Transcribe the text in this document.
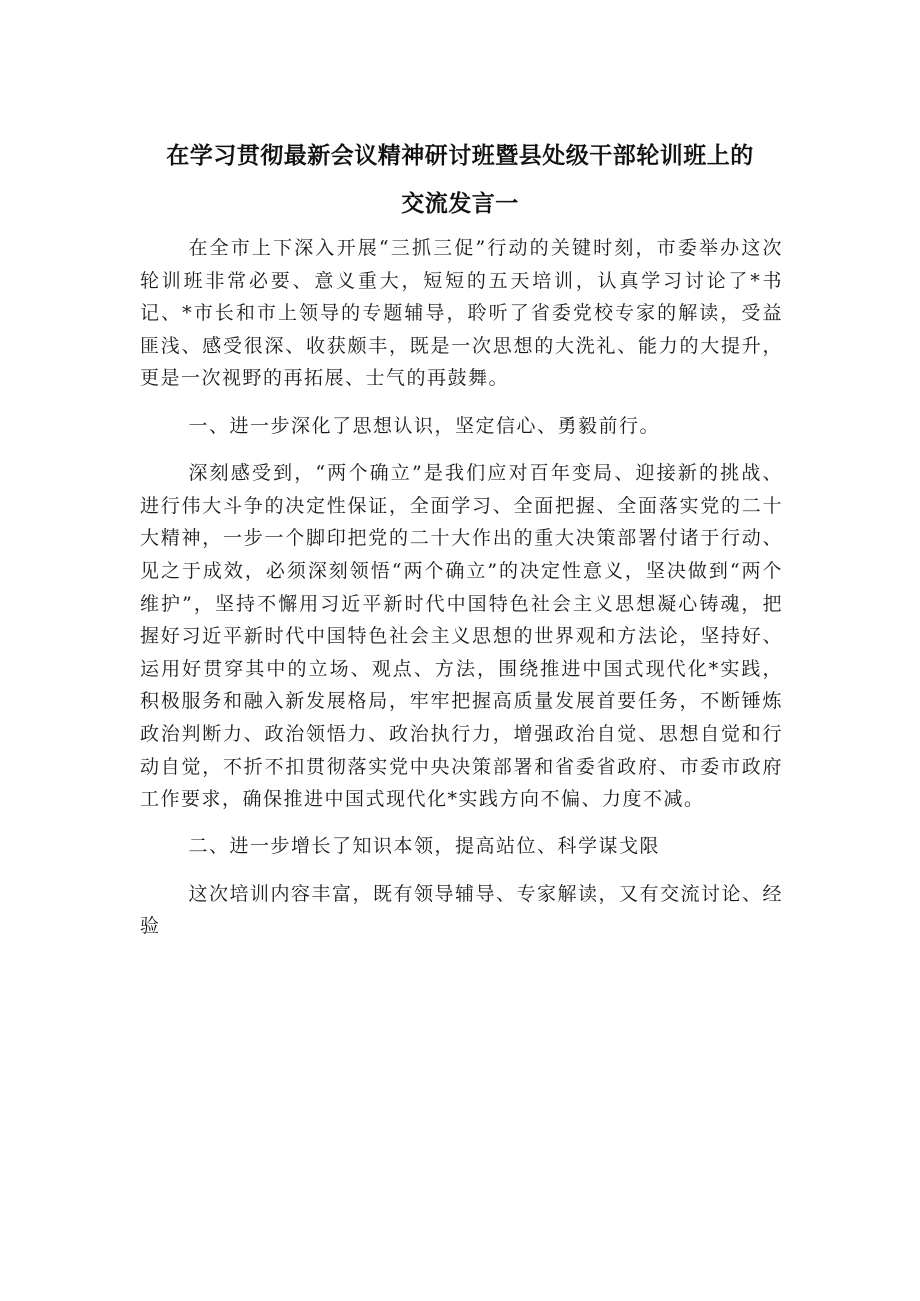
在学习贯彻最新会议精神研讨班暨县处级干部轮训班上的
交流发言一

在全市上下深入开展“三抓三促”行动的关键时刻，市委举办这次轮训班非常必要、意义重大，短短的五天培训，认真学习讨论了*书记、*市长和市上领导的专题辅导，聆听了省委党校专家的解读，受益匪浅、感受很深、收获颇丰，既是一次思想的大洗礼、能力的大提升，更是一次视野的再拓展、士气的再鼓舞。

一、进一步深化了思想认识，坚定信心、勇毅前行。

深刻感受到，“两个确立”是我们应对百年变局、迎接新的挑战、进行伟大斗争的决定性保证，全面学习、全面把握、全面落实党的二十大精神，一步一个脚印把党的二十大作出的重大决策部署付诸于行动、见之于成效，必须深刻领悟“两个确立”的决定性意义，坚决做到“两个维护”，坚持不懈用习近平新时代中国特色社会主义思想凝心铸魂，把握好习近平新时代中国特色社会主义思想的世界观和方法论，坚持好、运用好贯穿其中的立场、观点、方法，围绕推进中国式现代化*实践，积极服务和融入新发展格局，牢牢把握高质量发展首要任务，不断锤炼政治判断力、政治领悟力、政治执行力，增强政治自觉、思想自觉和行动自觉，不折不扣贯彻落实党中央决策部署和省委省政府、市委市政府工作要求，确保推进中国式现代化*实践方向不偏、力度不减。

二、进一步增长了知识本领，提高站位、科学谋戈限

这次培训内容丰富，既有领导辅导、专家解读，又有交流讨论、经验
